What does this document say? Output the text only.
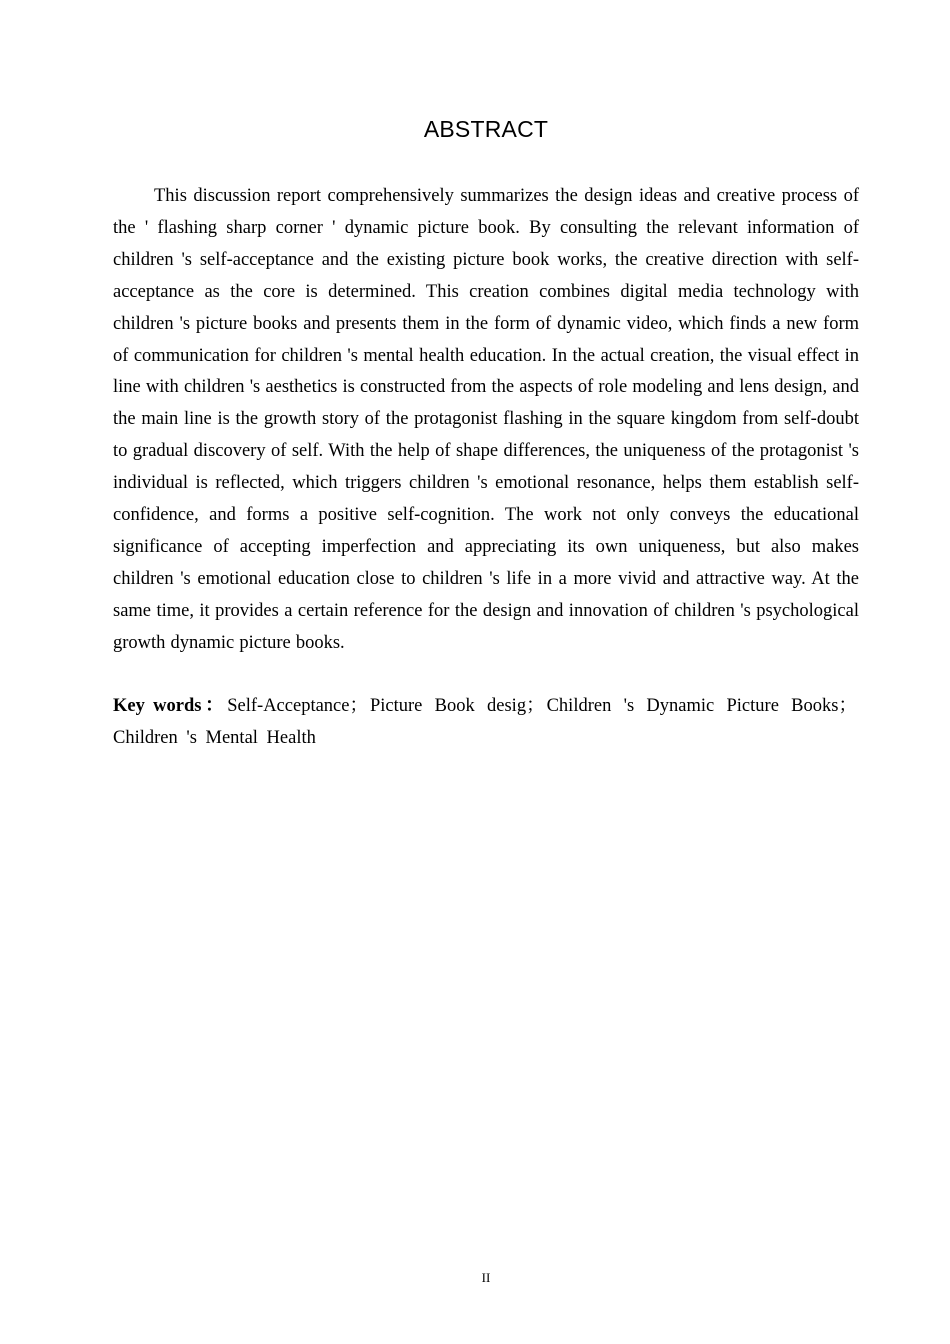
ABSTRACT

This discussion report comprehensively summarizes the design ideas and creative process of the ' flashing sharp corner ' dynamic picture book. By consulting the relevant information of children 's self-acceptance and the existing picture book works, the creative direction with self-acceptance as the core is determined. This creation combines digital media technology with children 's picture books and presents them in the form of dynamic video, which finds a new form of communication for children 's mental health education. In the actual creation, the visual effect in line with children 's aesthetics is constructed from the aspects of role modeling and lens design, and the main line is the growth story of the protagonist flashing in the square kingdom from self-doubt to gradual discovery of self. With the help of shape differences, the uniqueness of the protagonist 's individual is reflected, which triggers children 's emotional resonance, helps them establish self-confidence, and forms a positive self-cognition. The work not only conveys the educational significance of accepting imperfection and appreciating its own uniqueness, but also makes children 's emotional education close to children 's life in a more vivid and attractive way. At the same time, it provides a certain reference for the design and innovation of children 's psychological growth dynamic picture books.

Key words：Self-Acceptance； Picture Book desig； Children 's Dynamic Picture Books； Children 's Mental Health

II
